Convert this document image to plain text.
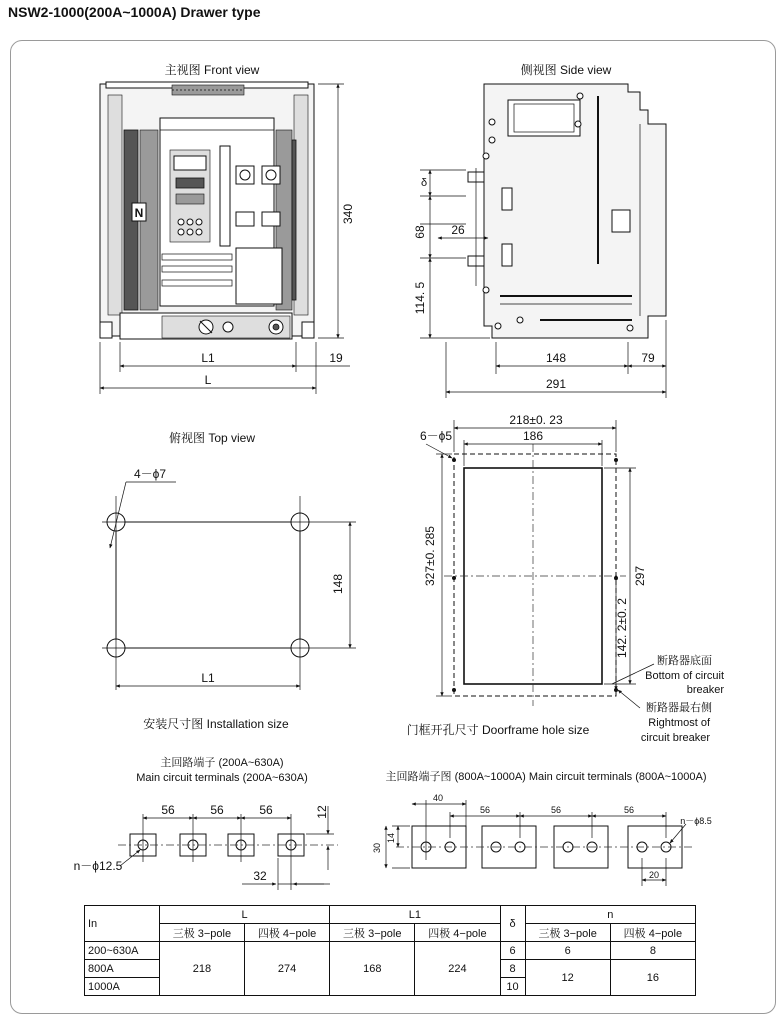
NSW2-1000(200A~1000A) Drawer type
主视图 Front view
N	340
L1
L
19
侧视图 Side view
δ
68 26
114. 5
148	79
291
俯视图 Top view
4－ϕ7
148
L1
安装尺寸图 Installation size
6－ϕ5
218±0. 23
186
327±0. 285	297
142. 2±0. 2
断路器底面
Bottom of circuit
breaker
断路器最右侧
Rightmost of
circuit breaker
门框开孔尺寸 Doorframe hole size
主回路端子 (200A~630A)
Main circuit terminals (200A~630A)
56	56	56	12
32
n－ϕ12.5
主回路端子图 (800A~1000A) Main circuit terminals (800A~1000A)
40
56	56	56
30
14
20
n－ϕ8.5
In	L		L1		δ	n	
	三极 3−pole	四极 4−pole	三极 3−pole	四极 4−pole		三极 3−pole	四极 4−pole
200~630A	218	274	168	224	6	6	8
800A					8	12	16
1000A					10		
